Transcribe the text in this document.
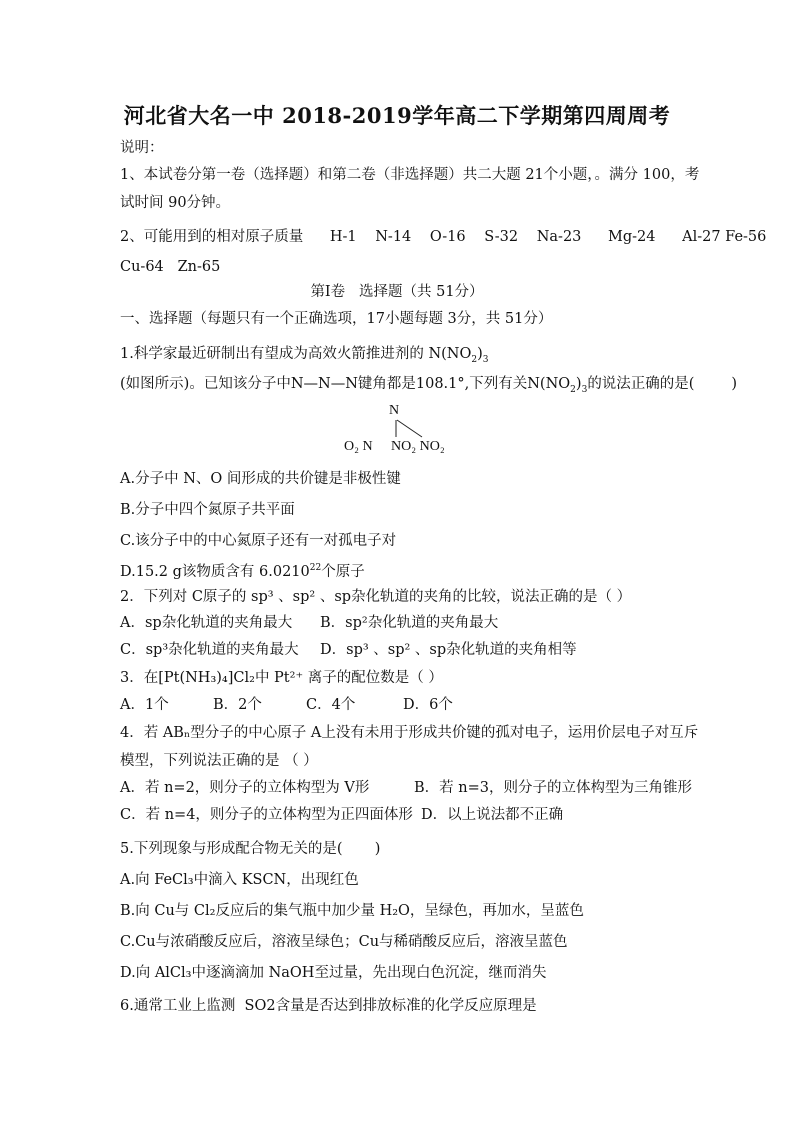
河北省大名一中 2018-2019学年高二下学期第四周周考
说明：
1、本试卷分第一卷（选择题）和第二卷（非选择题）共二大题 21个小题，。满分 100，考
试时间 90分钟。
2、可能用到的相对原子质量 H-1 N-14 O-16 S-32 Na-23 Mg-24 Al-27 Fe-56
Cu-64   Zn-65
第Ⅰ卷   选择题（共 51分）
一、选择题（每题只有一个正确选项，17小题每题 3分，共 51分）
1.科学家最近研制出有望成为高效火箭推进剂的 $N(NO_2)_3$
(如图所示)。已知该分子中N—N—N键角都是108.1°,下列有关$N(NO_2)_3$的说法正确的是(        )
N
O₂ N NO₂ NO₂
A.分子中 N、O 间形成的共价键是非极性键
B.分子中四个氮原子共平面
C.该分子中的中心氮原子还有一对孤电子对
D.15.2 g该物质含有 6.0210$^{22}$个原子
2．下列对 C原子的 sp³ 、sp² 、sp杂化轨道的夹角的比较，说法正确的是（ ）
A．sp杂化轨道的夹角最大 B．sp²杂化轨道的夹角最大
C．sp³杂化轨道的夹角最大 D．sp³ 、sp² 、sp杂化轨道的夹角相等
3．在[Pt(NH₃)₄]Cl₂中 Pt²⁺ 离子的配位数是（ ）
A．1个	B．2个	C．4个	D．6个
4．若 ABₙ型分子的中心原子 A上没有未用于形成共价键的孤对电子，运用价层电子对互斥
模型，下列说法正确的是 （ ）
A．若 n=2，则分子的立体构型为 V形	B．若 n=3，则分子的立体构型为三角锥形
C．若 n=4，则分子的立体构型为正四面体形 D．以上说法都不正确
5.下列现象与形成配合物无关的是(       )
A.向 FeCl₃中滴入 KSCN，出现红色
B.向 Cu与 Cl₂反应后的集气瓶中加少量 H₂O，呈绿色，再加水，呈蓝色
C.Cu与浓硝酸反应后，溶液呈绿色；Cu与稀硝酸反应后，溶液呈蓝色
D.向 AlCl₃中逐滴滴加 NaOH至过量，先出现白色沉淀，继而消失
6.通常工业上监测  SO2含量是否达到排放标准的化学反应原理是
